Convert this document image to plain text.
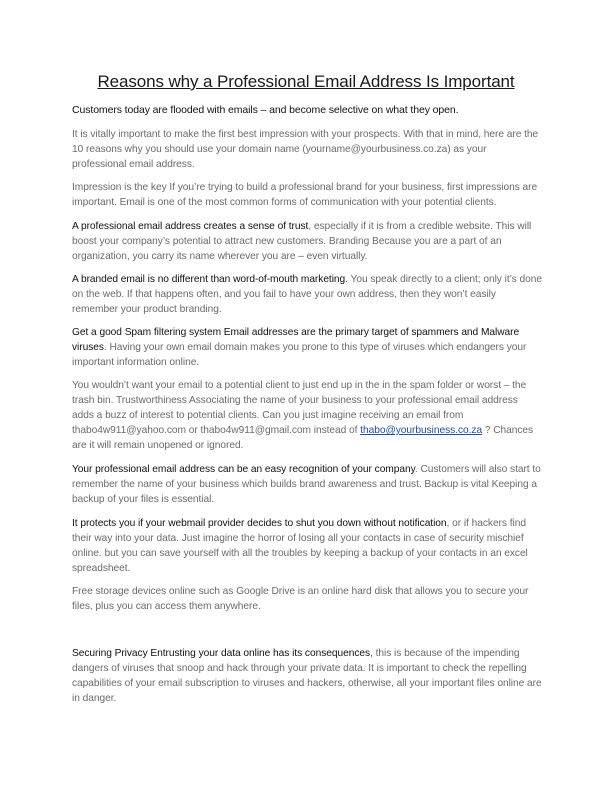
Reasons why a Professional Email Address Is Important

Customers today are flooded with emails – and become selective on what they open.

It is vitally important to make the first best impression with your prospects. With that in mind, here are the 10 reasons why you should use your domain name (yourname@yourbusiness.co.za) as your professional email address.

Impression is the key If you’re trying to build a professional brand for your business, first impressions are important. Email is one of the most common forms of communication with your potential clients.

A professional email address creates a sense of trust, especially if it is from a credible website. This will boost your company’s potential to attract new customers. Branding Because you are a part of an organization, you carry its name wherever you are – even virtually.

A branded email is no different than word-of-mouth marketing. You speak directly to a client; only it’s done on the web. If that happens often, and you fail to have your own address, then they won’t easily remember your product branding.

Get a good Spam filtering system Email addresses are the primary target of spammers and Malware viruses. Having your own email domain makes you prone to this type of viruses which endangers your important information online.

You wouldn’t want your email to a potential client to just end up in the in the spam folder or worst – the trash bin. Trustworthiness Associating the name of your business to your professional email address adds a buzz of interest to potential clients. Can you just imagine receiving an email from thabo4w911@yahoo.com or thabo4w911@gmail.com instead of thabo@yourbusiness.co.za ? Chances are it will remain unopened or ignored.

Your professional email address can be an easy recognition of your company. Customers will also start to remember the name of your business which builds brand awareness and trust. Backup is vital Keeping a backup of your files is essential.

It protects you if your webmail provider decides to shut you down without notification, or if hackers find their way into your data. Just imagine the horror of losing all your contacts in case of security mischief online. but you can save yourself with all the troubles by keeping a backup of your contacts in an excel spreadsheet.

Free storage devices online such as Google Drive is an online hard disk that allows you to secure your files, plus you can access them anywhere.

Securing Privacy Entrusting your data online has its consequences, this is because of the impending dangers of viruses that snoop and hack through your private data. It is important to check the repelling capabilities of your email subscription to viruses and hackers, otherwise, all your important files online are in danger.
